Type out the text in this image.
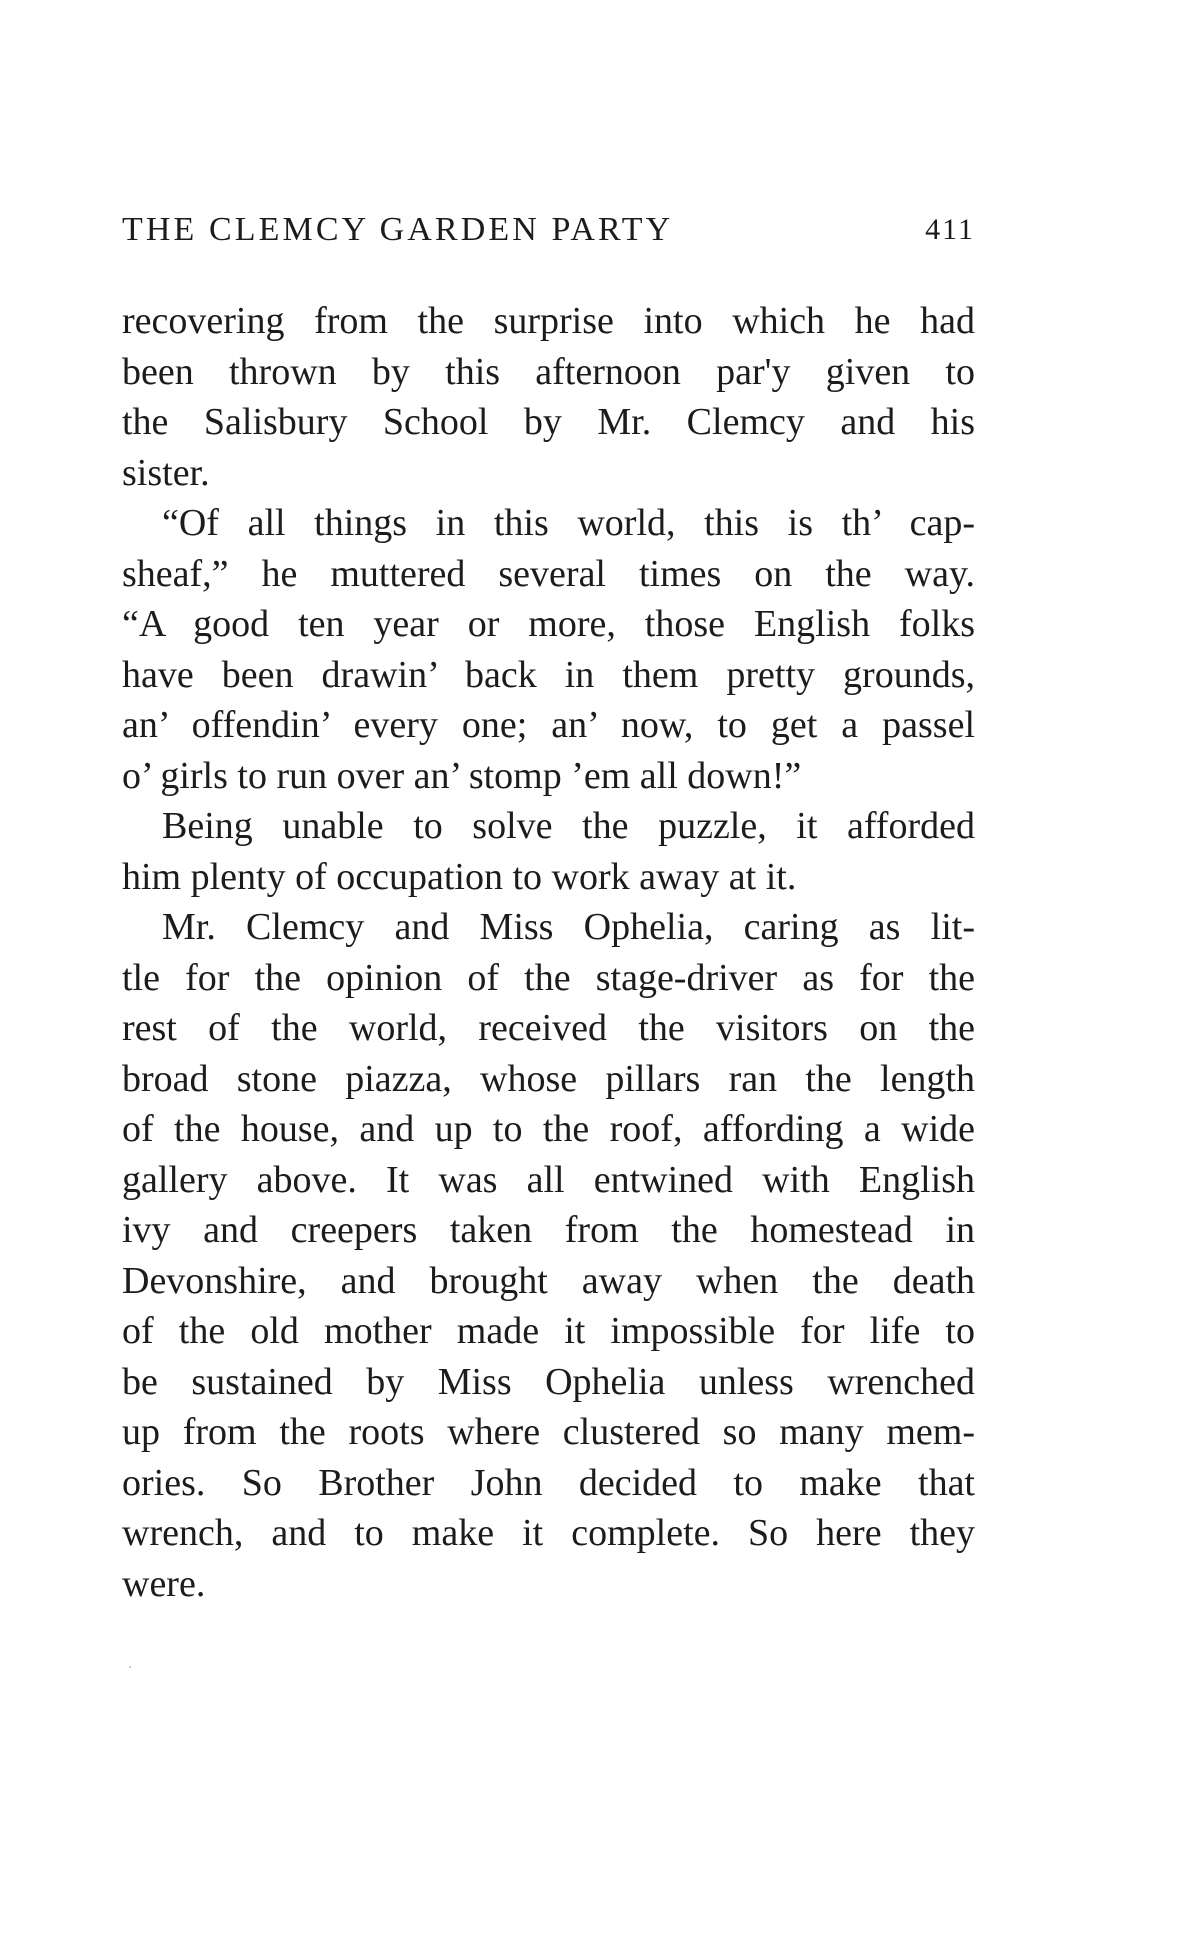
THE CLEMCY GARDEN PARTY	411
recovering from the surprise into which he had
been thrown by this afternoon par'y given to
the Salisbury School by Mr. Clemcy and his
sister.
“Of all things in this world, this is th’ cap-
sheaf,” he muttered several times on the way.
“A good ten year or more, those English folks
have been drawin’ back in them pretty grounds,
an’ offendin’ every one; an’ now, to get a passel
o’ girls to run over an’ stomp ’em all down!”
Being unable to solve the puzzle, it afforded
him plenty of occupation to work away at it.
Mr. Clemcy and Miss Ophelia, caring as lit-
tle for the opinion of the stage-driver as for the
rest of the world, received the visitors on the
broad stone piazza, whose pillars ran the length
of the house, and up to the roof, affording a wide
gallery above. It was all entwined with English
ivy and creepers taken from the homestead in
Devonshire, and brought away when the death
of the old mother made it impossible for life to
be sustained by Miss Ophelia unless wrenched
up from the roots where clustered so many mem-
ories. So Brother John decided to make that
wrench, and to make it complete. So here they
were.
